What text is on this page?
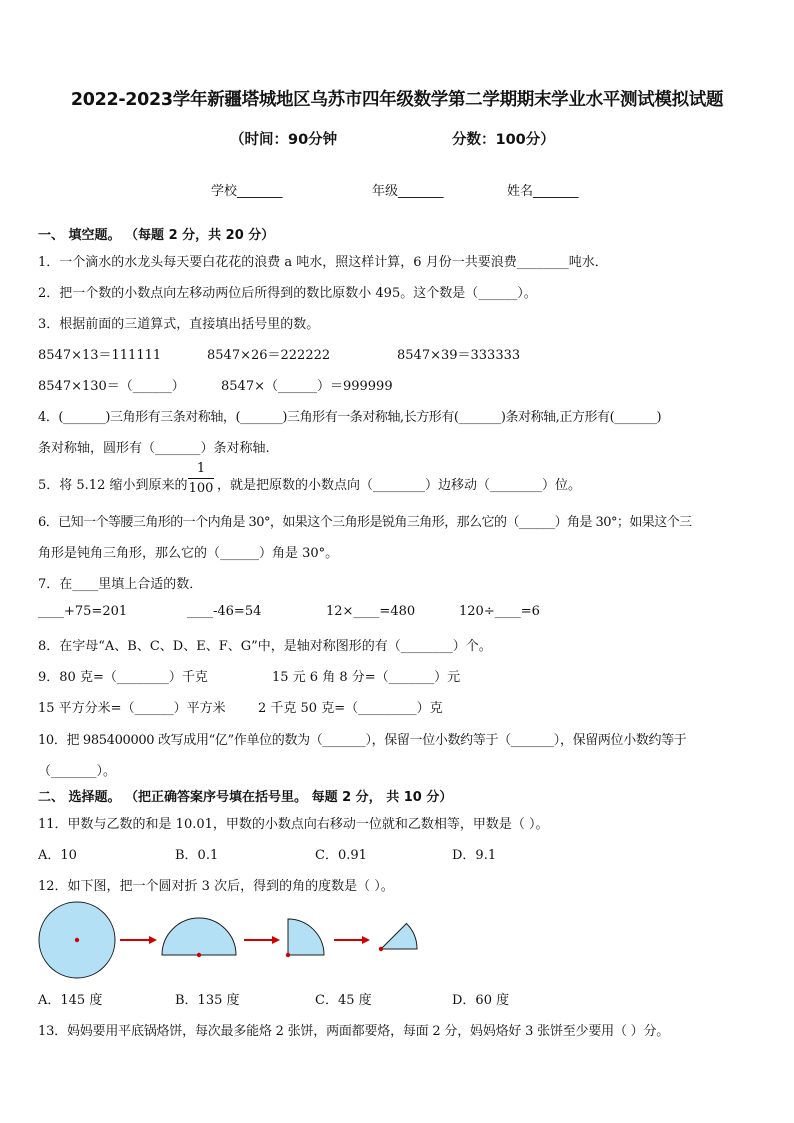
2022-2023学年新疆塔城地区乌苏市四年级数学第二学期期末学业水平测试模拟试题
（时间：90分钟	分数：100分）
学校_______	年级_______	姓名_______
一、 填空题。 （每题 2 分，共 20 分）
1．一个滴水的水龙头每天要白花花的浪费 a 吨水，照这样计算，6 月份一共要浪费________吨水．
2．把一个数的小数点向左移动两位后所得到的数比原数小 495。这个数是（______）。
3．根据前面的三道算式，直接填出括号里的数。
8547×13＝111111	8547×26＝222222	8547×39＝333333
8547×130＝（______）	8547×（______）＝999999
4．(_______)三角形有三条对称轴，(_______)三角形有一条对称轴,长方形有(_______)条对称轴,正方形有(_______)
条对称轴，圆形有（_______）条对称轴.
5．将 5.12 缩小到原来的
1
100 ，就是把原数的小数点向（________）边移动（________）位。
6．已知一个等腰三角形的一个内角是 30°，如果这个三角形是锐角三角形，那么它的（______）角是 30°；如果这个三
角形是钝角三角形，那么它的（______）角是 30°。
7．在____里填上合适的数．
____+75=201	____-46=54	12×____=480	120÷____=6
8．在字母“A、B、C、D、E、F、G”中，是轴对称图形的有（________）个。
9．80 克=（________）千克	15 元 6 角 8 分=（_______）元
15 平方分米=（______）平方米 2 千克 50 克=（_________）克
10．把 985400000 改写成用“亿”作单位的数为（_______），保留一位小数约等于（_______），保留两位小数约等于
（_______）。
二、 选择题。 （把正确答案序号填在括号里。 每题 2 分， 共 10 分）
11．甲数与乙数的和是 10.01，甲数的小数点向右移动一位就和乙数相等，甲数是（ ）。
A．10	B．0.1	C．0.91	D．9.1
12．如下图，把一个圆对折 3 次后，得到的角的度数是（ ）。
A．145 度	B．135 度	C．45 度	D．60 度
13．妈妈要用平底锅烙饼，每次最多能烙 2 张饼，两面都要烙，每面 2 分，妈妈烙好 3 张饼至少要用（ ）分。
